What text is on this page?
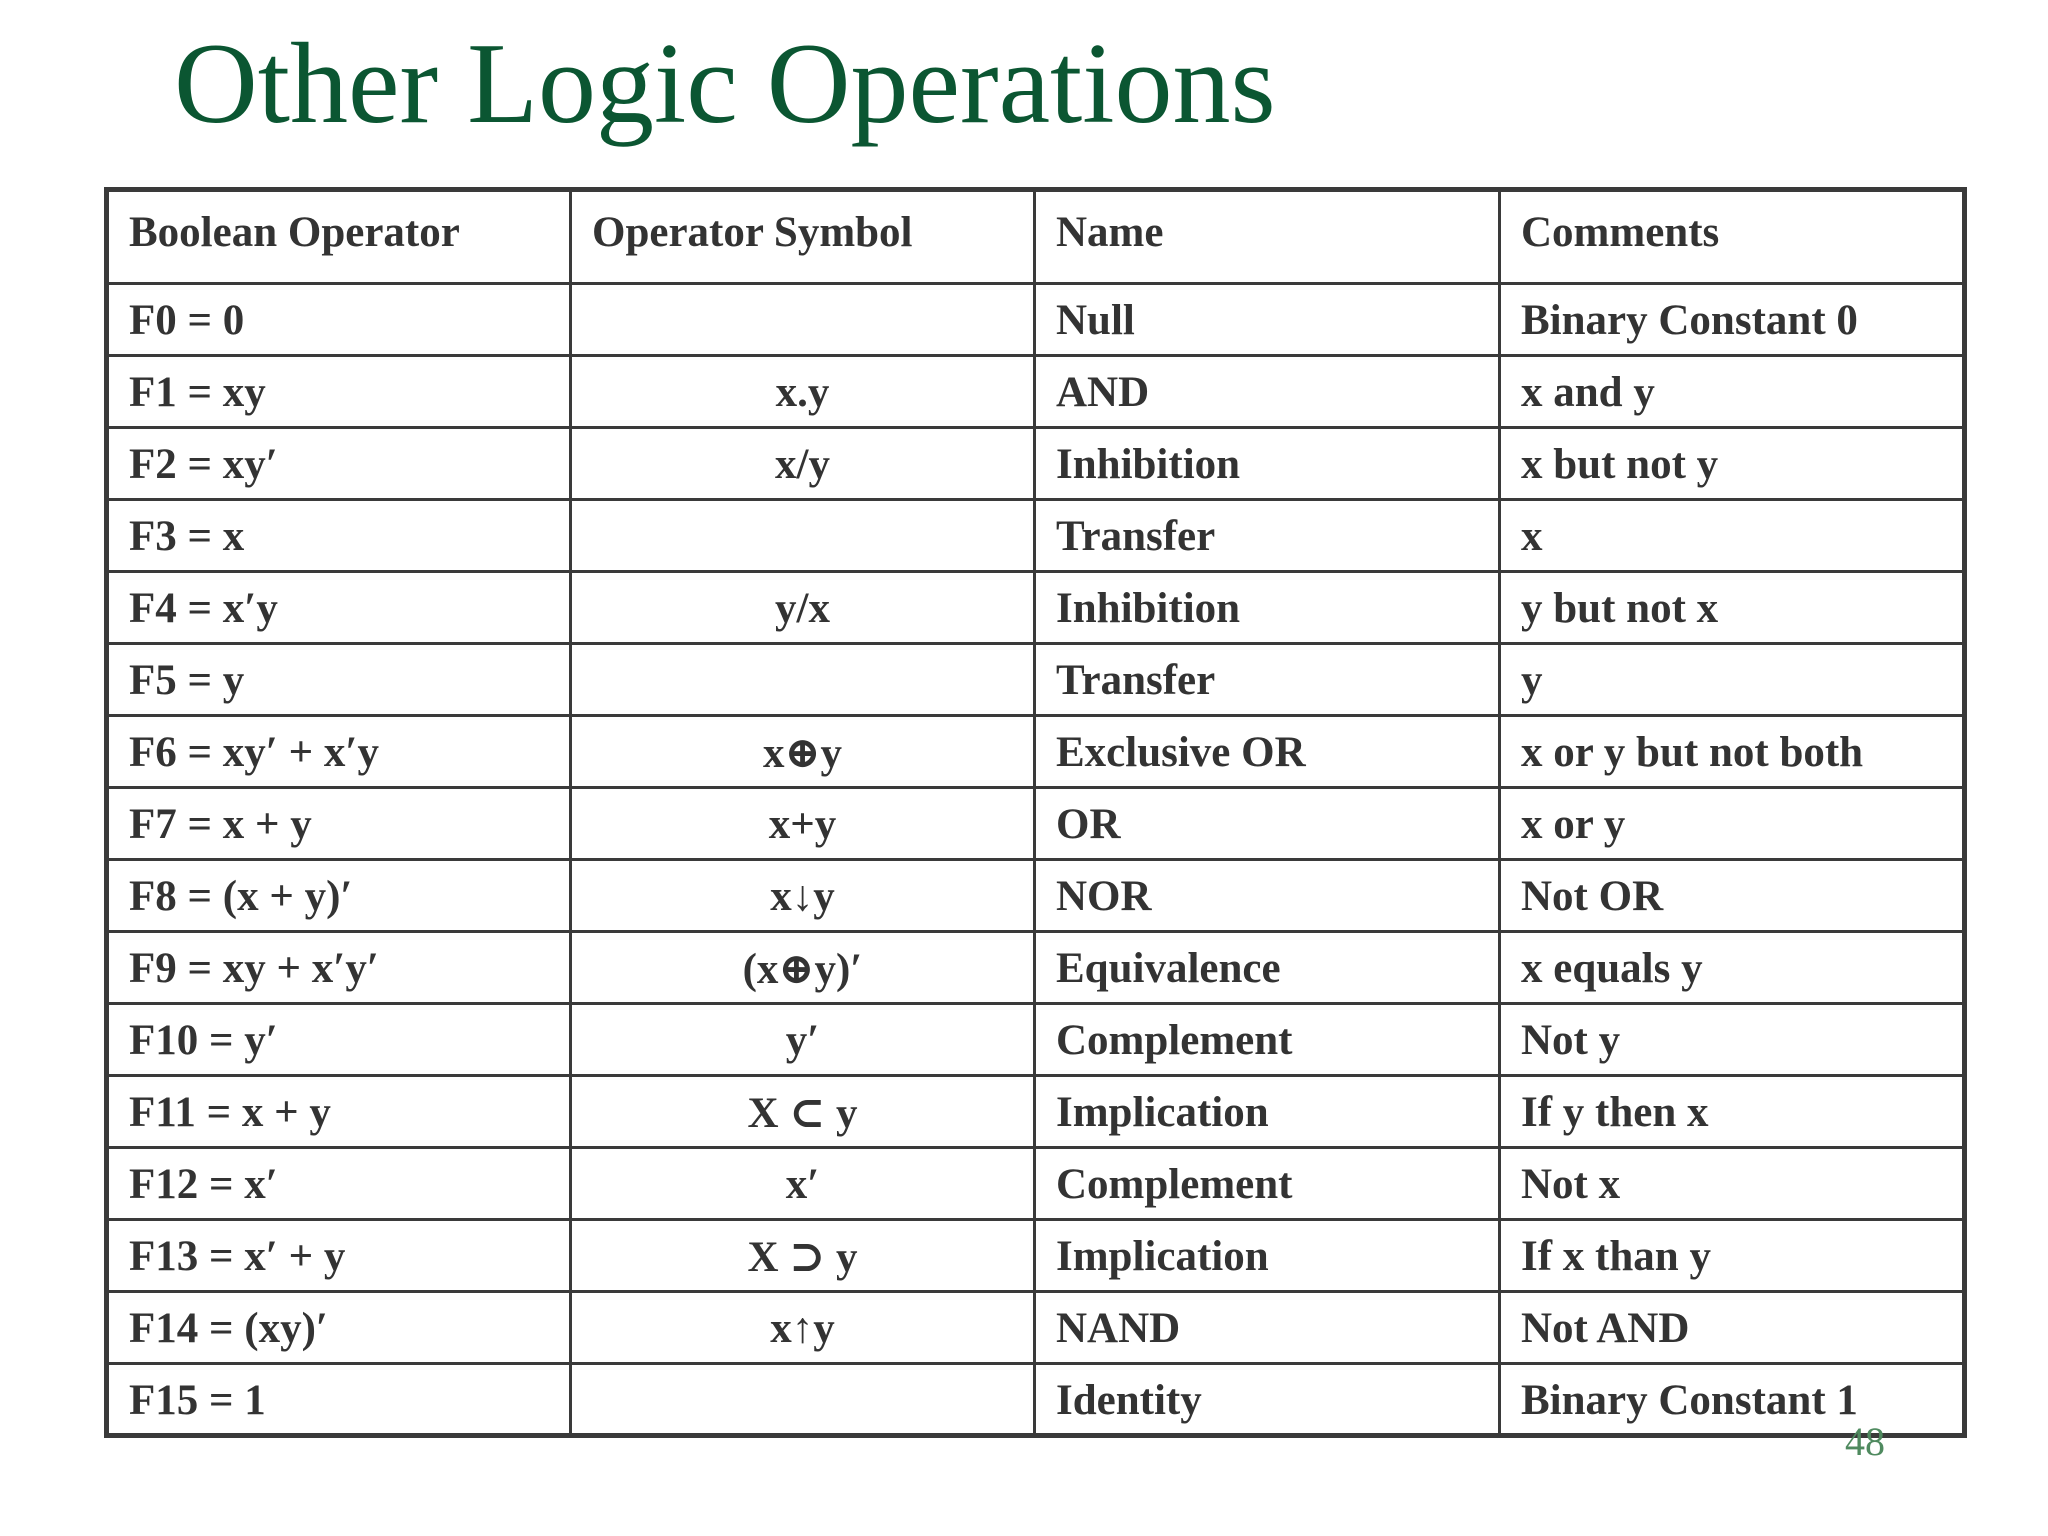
Other Logic Operations
Boolean Operator	Operator Symbol	Name	Comments
F0 = 0		Null	Binary Constant 0
F1 = xy	x.y	AND	x and y
F2 = xy′	x/y	Inhibition	x but not y
F3 = x		Transfer	x
F4 = x′y	y/x	Inhibition	y but not x
F5 = y		Transfer	y
F6 = xy′ + x′y	x⊕y	Exclusive OR	x or y but not both
F7 = x + y	x+y	OR	x or y
F8 = (x + y)′	x↓y	NOR	Not OR
F9 = xy + x′y′	(x⊕y)′	Equivalence	x equals y
F10 = y′	y′	Complement	Not y
F11 = x + y	X ⊂ y	Implication	If y then x
F12 = x′	x′	Complement	Not x
F13 = x′ + y	X ⊃ y	Implication	If x than y
F14 = (xy)′	x↑y	NAND	Not AND
F15 = 1		Identity	Binary Constant 1
48
